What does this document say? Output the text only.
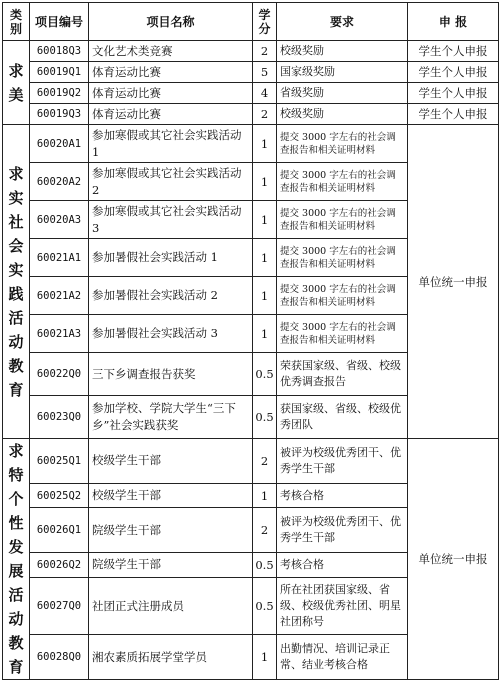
类别	项目编号	项目名称	学分	要求	申 报
求美	60018Q3	文化艺术类竞赛	2	校级奖励	学生个人申报
	60019Q1	体育运动比赛	5	国家级奖励	学生个人申报
	60019Q2	体育运动比赛	4	省级奖励	学生个人申报
	60019Q3	体育运动比赛	2	校级奖励	学生个人申报
求实社会实践活动教育	60020A1	参加寒假或其它社会实践活动 1	1	提交 3000 字左右的社会调查报告和相关证明材料	单位统一申报
	60020A2	参加寒假或其它社会实践活动 2	1	提交 3000 字左右的社会调查报告和相关证明材料	
	60020A3	参加寒假或其它社会实践活动 3	1	提交 3000 字左右的社会调查报告和相关证明材料	
	60021A1	参加暑假社会实践活动 1	1	提交 3000 字左右的社会调查报告和相关证明材料	
	60021A2	参加暑假社会实践活动 2	1	提交 3000 字左右的社会调查报告和相关证明材料	
	60021A3	参加暑假社会实践活动 3	1	提交 3000 字左右的社会调查报告和相关证明材料	
	60022Q0	三下乡调查报告获奖	0.5	荣获国家级、省级、校级优秀调查报告	
	60023Q0	参加学校、学院大学生“三下乡”社会实践获奖	0.5	获国家级、省级、校级优秀团队	
求特个性发展活动教育	60025Q1	校级学生干部	2	被评为校级优秀团干、优秀学生干部	单位统一申报
	60025Q2	校级学生干部	1	考核合格	
	60026Q1	院级学生干部	2	被评为校级优秀团干、优秀学生干部	
	60026Q2	院级学生干部	0.5	考核合格	
	60027Q0	社团正式注册成员	0.5	所在社团获国家级、省级、校级优秀社团、明星社团称号	
	60028Q0	湘农素质拓展学堂学员	1	出勤情况、培训记录正常、结业考核合格	
